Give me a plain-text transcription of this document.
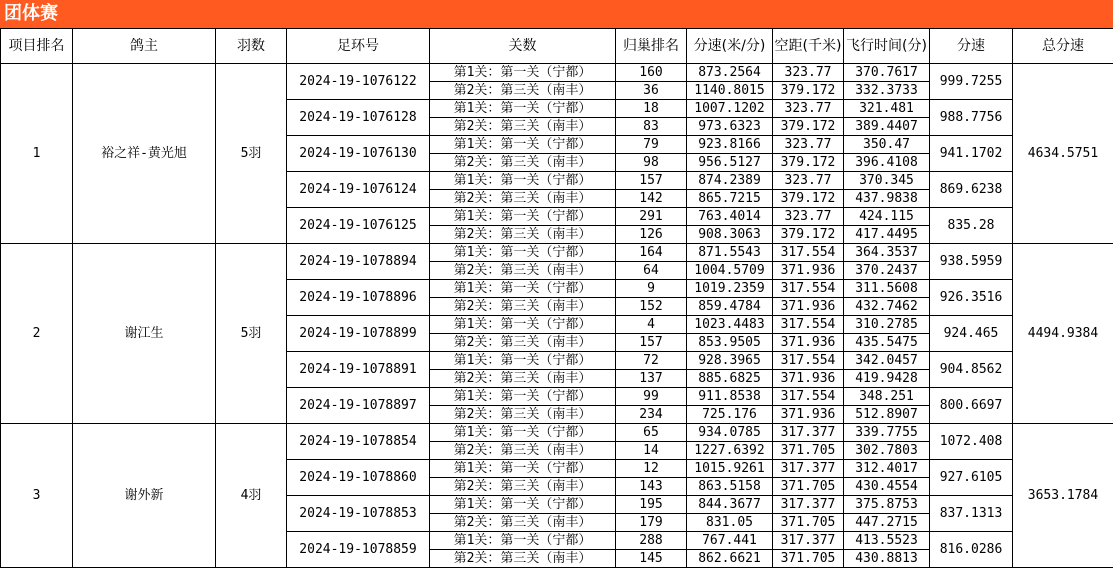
团体赛
项目排名	鸽主	羽数	足环号	关数	归巢排名	分速(米/分)	空距(千米)	飞行时间(分)	分速	总分速
1	裕之祥-黄光旭	5羽	2024-19-1076122	第1关：第一关（宁都）	160	873.2564	323.77	370.7617	999.7255	4634.5751
				第2关：第三关（南丰）	36	1140.8015	379.172	332.3733		
			2024-19-1076128	第1关：第一关（宁都）	18	1007.1202	323.77	321.481	988.7756	
				第2关：第三关（南丰）	83	973.6323	379.172	389.4407		
			2024-19-1076130	第1关：第一关（宁都）	79	923.8166	323.77	350.47	941.1702	
				第2关：第三关（南丰）	98	956.5127	379.172	396.4108		
			2024-19-1076124	第1关：第一关（宁都）	157	874.2389	323.77	370.345	869.6238	
				第2关：第三关（南丰）	142	865.7215	379.172	437.9838		
			2024-19-1076125	第1关：第一关（宁都）	291	763.4014	323.77	424.115	835.28	
				第2关：第三关（南丰）	126	908.3063	379.172	417.4495		
2	谢江生	5羽	2024-19-1078894	第1关：第一关（宁都）	164	871.5543	317.554	364.3537	938.5959	4494.9384
				第2关：第三关（南丰）	64	1004.5709	371.936	370.2437		
			2024-19-1078896	第1关：第一关（宁都）	9	1019.2359	317.554	311.5608	926.3516	
				第2关：第三关（南丰）	152	859.4784	371.936	432.7462		
			2024-19-1078899	第1关：第一关（宁都）	4	1023.4483	317.554	310.2785	924.465	
				第2关：第三关（南丰）	157	853.9505	371.936	435.5475		
			2024-19-1078891	第1关：第一关（宁都）	72	928.3965	317.554	342.0457	904.8562	
				第2关：第三关（南丰）	137	885.6825	371.936	419.9428		
			2024-19-1078897	第1关：第一关（宁都）	99	911.8538	317.554	348.251	800.6697	
				第2关：第三关（南丰）	234	725.176	371.936	512.8907		
3	谢外新	4羽	2024-19-1078854	第1关：第一关（宁都）	65	934.0785	317.377	339.7755	1072.408	3653.1784
				第2关：第三关（南丰）	14	1227.6392	371.705	302.7803		
			2024-19-1078860	第1关：第一关（宁都）	12	1015.9261	317.377	312.4017	927.6105	
				第2关：第三关（南丰）	143	863.5158	371.705	430.4554		
			2024-19-1078853	第1关：第一关（宁都）	195	844.3677	317.377	375.8753	837.1313	
				第2关：第三关（南丰）	179	831.05	371.705	447.2715		
			2024-19-1078859	第1关：第一关（宁都）	288	767.441	317.377	413.5523	816.0286	
				第2关：第三关（南丰）	145	862.6621	371.705	430.8813		
